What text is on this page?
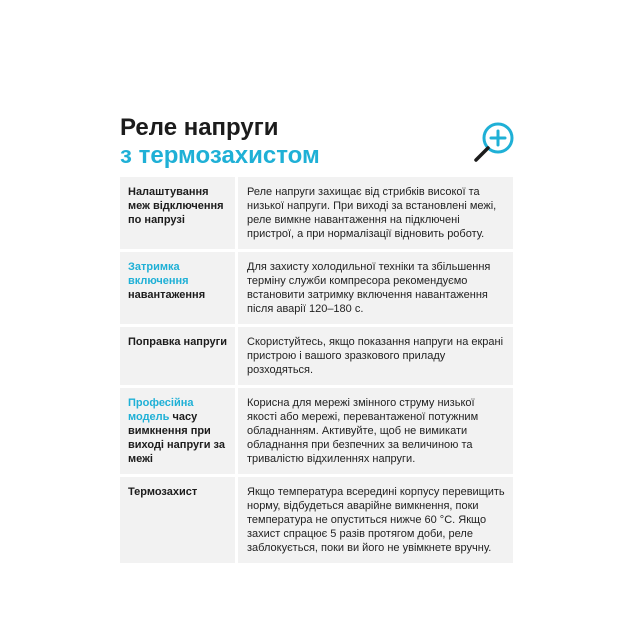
Реле напруги
з термозахистом
Налаштування меж відключення по напрузі
Реле напруги захищає від стрибків високої та низької напруги. При виході за встановлені межі, реле вимкне навантаження на підключені пристрої, а при нормалізації відновить роботу.
Затримка включення навантаження
Для захисту холодильної техніки та збільшення терміну служби компресора рекомендуємо встановити затримку включення навантаження після аварії 120–180 с.
Поправка напруги	Скористуйтесь, якщо показання напруги на екрані пристрою і вашого зразкового приладу розходяться.
Професійна модель часу вимкнення при виході напруги за межі
Корисна для мережі змінного струму низької якості або мережі, перевантаженої потужним обладнанням. Активуйте, щоб не вимикати обладнання при безпечних за величиною та тривалістю відхиленнях напруги.
Термозахист	Якщо температура всередині корпусу перевищить норму, відбудеться аварійне вимкнення, поки температура не опуститься нижче 60 °С. Якщо захист спрацює 5 разів протягом доби, реле заблокується, поки ви його не увімкнете вручну.
